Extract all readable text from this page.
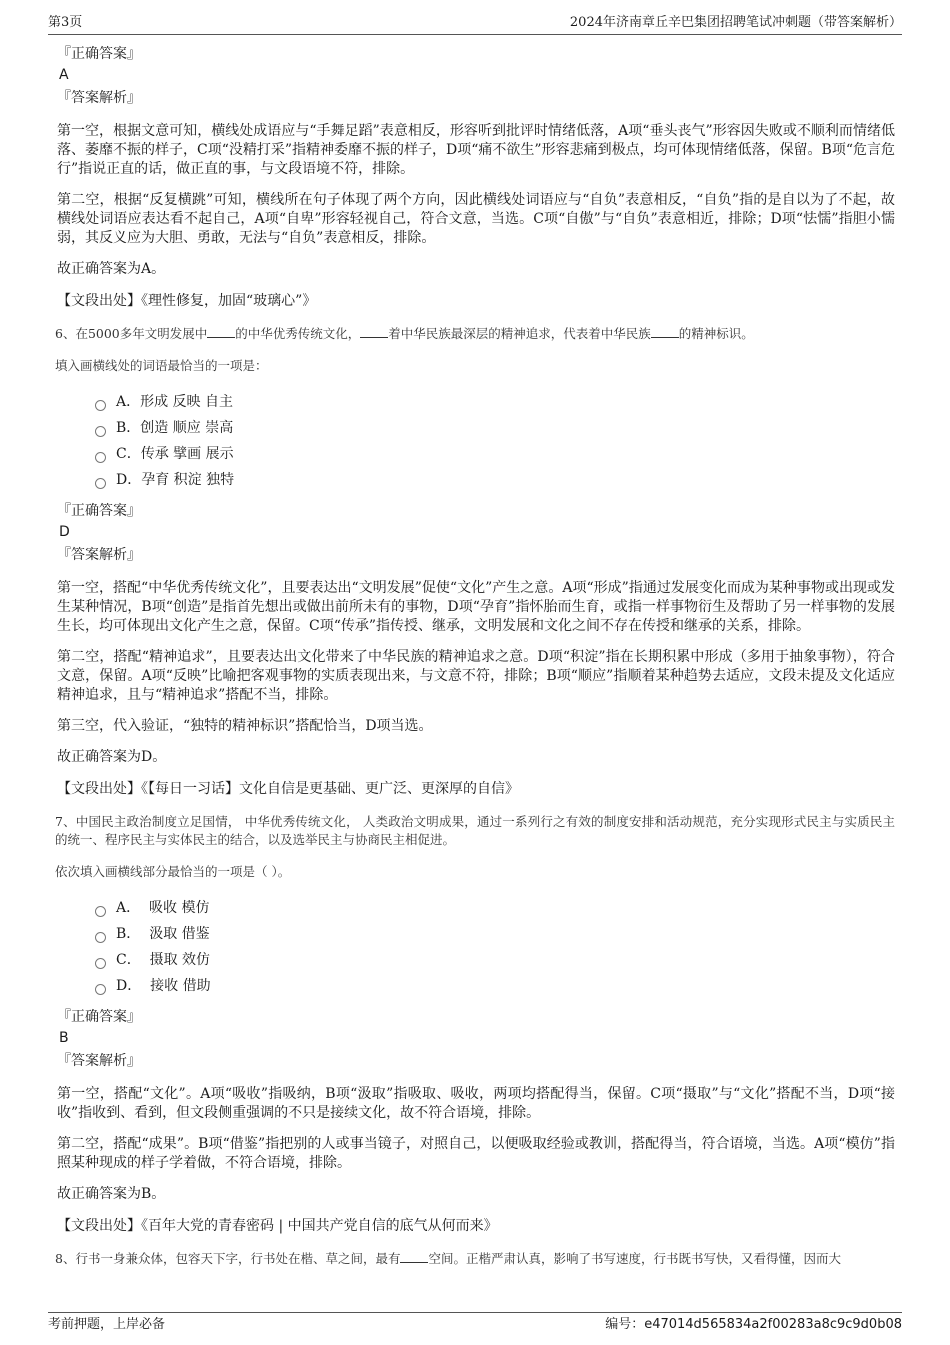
第3页	2024年济南章丘辛巴集团招聘笔试冲刺题（带答案解析）
『正确答案』
A
『答案解析』

第一空，根据文意可知，横线处成语应与“手舞足蹈”表意相反，形容听到批评时情绪低落，A项“垂头丧气”形容因失败或不顺利而情绪低落、萎靡不振的样子，C项“没精打采”指精神委靡不振的样子，D项“痛不欲生”形容悲痛到极点，均可体现情绪低落，保留。B项“危言危行”指说正直的话，做正直的事，与文段语境不符，排除。

第二空，根据“反复横跳”可知，横线所在句子体现了两个方向，因此横线处词语应与“自负”表意相反，“自负”指的是自以为了不起，故横线处词语应表达看不起自己，A项“自卑”形容轻视自己，符合文意，当选。C项“自傲”与“自负”表意相近，排除；D项“怯懦”指胆小懦弱，其反义应为大胆、勇敢，无法与“自负”表意相反，排除。

故正确答案为A。

【文段出处】《理性修复，加固“玻璃心”》

6、在5000多年文明发展中 的中华优秀传统文化， 着中华民族最深层的精神追求，代表着中华民族 的精神标识。

填入画横线处的词语最恰当的一项是：

A．形成 反映 自主
B．创造 顺应 崇高
C．传承 擘画 展示
D．孕育 积淀 独特
『正确答案』
D
『答案解析』

第一空，搭配“中华优秀传统文化”，且要表达出“文明发展”促使“文化”产生之意。A项“形成”指通过发展变化而成为某种事物或出现或发生某种情况，B项“创造”是指首先想出或做出前所未有的事物，D项“孕育”指怀胎而生育，或指一样事物衍生及帮助了另一样事物的发展生长，均可体现出文化产生之意，保留。C项“传承”指传授、继承，文明发展和文化之间不存在传授和继承的关系，排除。

第二空，搭配“精神追求”，且要表达出文化带来了中华民族的精神追求之意。D项“积淀”指在长期积累中形成（多用于抽象事物），符合文意，保留。A项“反映”比喻把客观事物的实质表现出来，与文意不符，排除；B项“顺应”指顺着某种趋势去适应，文段未提及文化适应精神追求，且与“精神追求”搭配不当，排除。

第三空，代入验证，“独特的精神标识”搭配恰当，D项当选。

故正确答案为D。

【文段出处】《【每日一习话】文化自信是更基础、更广泛、更深厚的自信》

7、中国民主政治制度立足国情， 中华优秀传统文化， 人类政治文明成果，通过一系列行之有效的制度安排和活动规范，充分实现形式民主与实质民主的统一、程序民主与实体民主的结合，以及选举民主与协商民主相促进。

依次填入画横线部分最恰当的一项是（ ）。

A．  吸收 模仿
B．  汲取 借鉴
C．  摄取 效仿
D．  接收 借助
『正确答案』
B
『答案解析』

第一空，搭配“文化”。A项“吸收”指吸纳，B项“汲取”指吸取、吸收，两项均搭配得当，保留。C项“摄取”与“文化”搭配不当，D项“接收”指收到、看到，但文段侧重强调的不只是接续文化，故不符合语境，排除。

第二空，搭配“成果”。B项“借鉴”指把别的人或事当镜子，对照自己，以便吸取经验或教训，搭配得当，符合语境，当选。A项“模仿”指照某种现成的样子学着做，不符合语境，排除。

故正确答案为B。

【文段出处】《百年大党的青春密码 | 中国共产党自信的底气从何而来》

8、行书一身兼众体，包容天下字，行书处在楷、草之间，最有 空间。正楷严肃认真，影响了书写速度，行书既书写快，又看得懂，因而大

考前押题，上岸必备	编号：e47014d565834a2f00283a8c9c9d0b08
